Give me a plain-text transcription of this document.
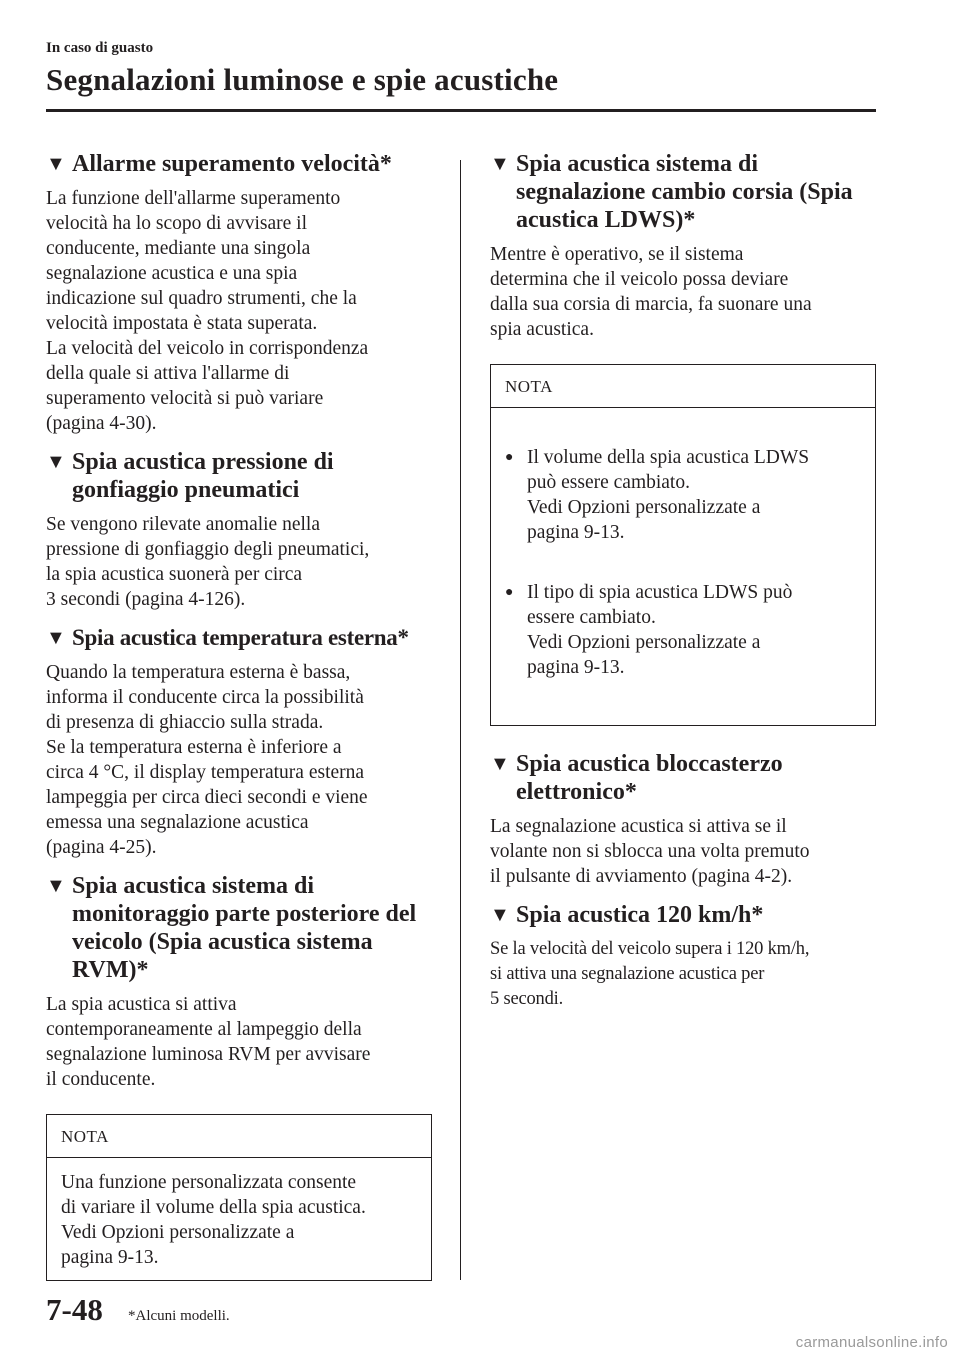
In caso di guasto
Segnalazioni luminose e spie acustiche
▼ Allarme superamento velocità*

La funzione dell'allarme superamento
velocità ha lo scopo di avvisare il
conducente, mediante una singola
segnalazione acustica e una spia
indicazione sul quadro strumenti, che la
velocità impostata è stata superata.
La velocità del veicolo in corrispondenza
della quale si attiva l'allarme di
superamento velocità si può variare
(pagina 4-30).

▼ Spia acustica pressione di gonfiaggio pneumatici

Se vengono rilevate anomalie nella
pressione di gonfiaggio degli pneumatici,
la spia acustica suonerà per circa
3 secondi (pagina 4-126).

▼ Spia acustica temperatura esterna*

Quando la temperatura esterna è bassa,
informa il conducente circa la possibilità
di presenza di ghiaccio sulla strada.
Se la temperatura esterna è inferiore a
circa 4 °C, il display temperatura esterna
lampeggia per circa dieci secondi e viene
emessa una segnalazione acustica
(pagina 4-25).

▼ Spia acustica sistema di monitoraggio parte posteriore del veicolo (Spia acustica sistema RVM)*

La spia acustica si attiva
contemporaneamente al lampeggio della
segnalazione luminosa RVM per avvisare
il conducente.

NOTA
Una funzione personalizzata consente
di variare il volume della spia acustica.
Vedi Opzioni personalizzate a
pagina 9-13.
▼ Spia acustica sistema di segnalazione cambio corsia (Spia acustica LDWS)*

Mentre è operativo, se il sistema
determina che il veicolo possa deviare
dalla sua corsia di marcia, fa suonare una
spia acustica.

NOTA

● Il volume della spia acustica LDWS
può essere cambiato.
Vedi Opzioni personalizzate a
pagina 9-13.

● Il tipo di spia acustica LDWS può
essere cambiato.
Vedi Opzioni personalizzate a
pagina 9-13.

▼ Spia acustica bloccasterzo elettronico*

La segnalazione acustica si attiva se il
volante non si sblocca una volta premuto
il pulsante di avviamento (pagina 4-2).

▼ Spia acustica 120 km/h*

Se la velocità del veicolo supera i 120 km/h,
si attiva una segnalazione acustica per
5 secondi.

7-48 *Alcuni modelli.
carmanualsonline.info
